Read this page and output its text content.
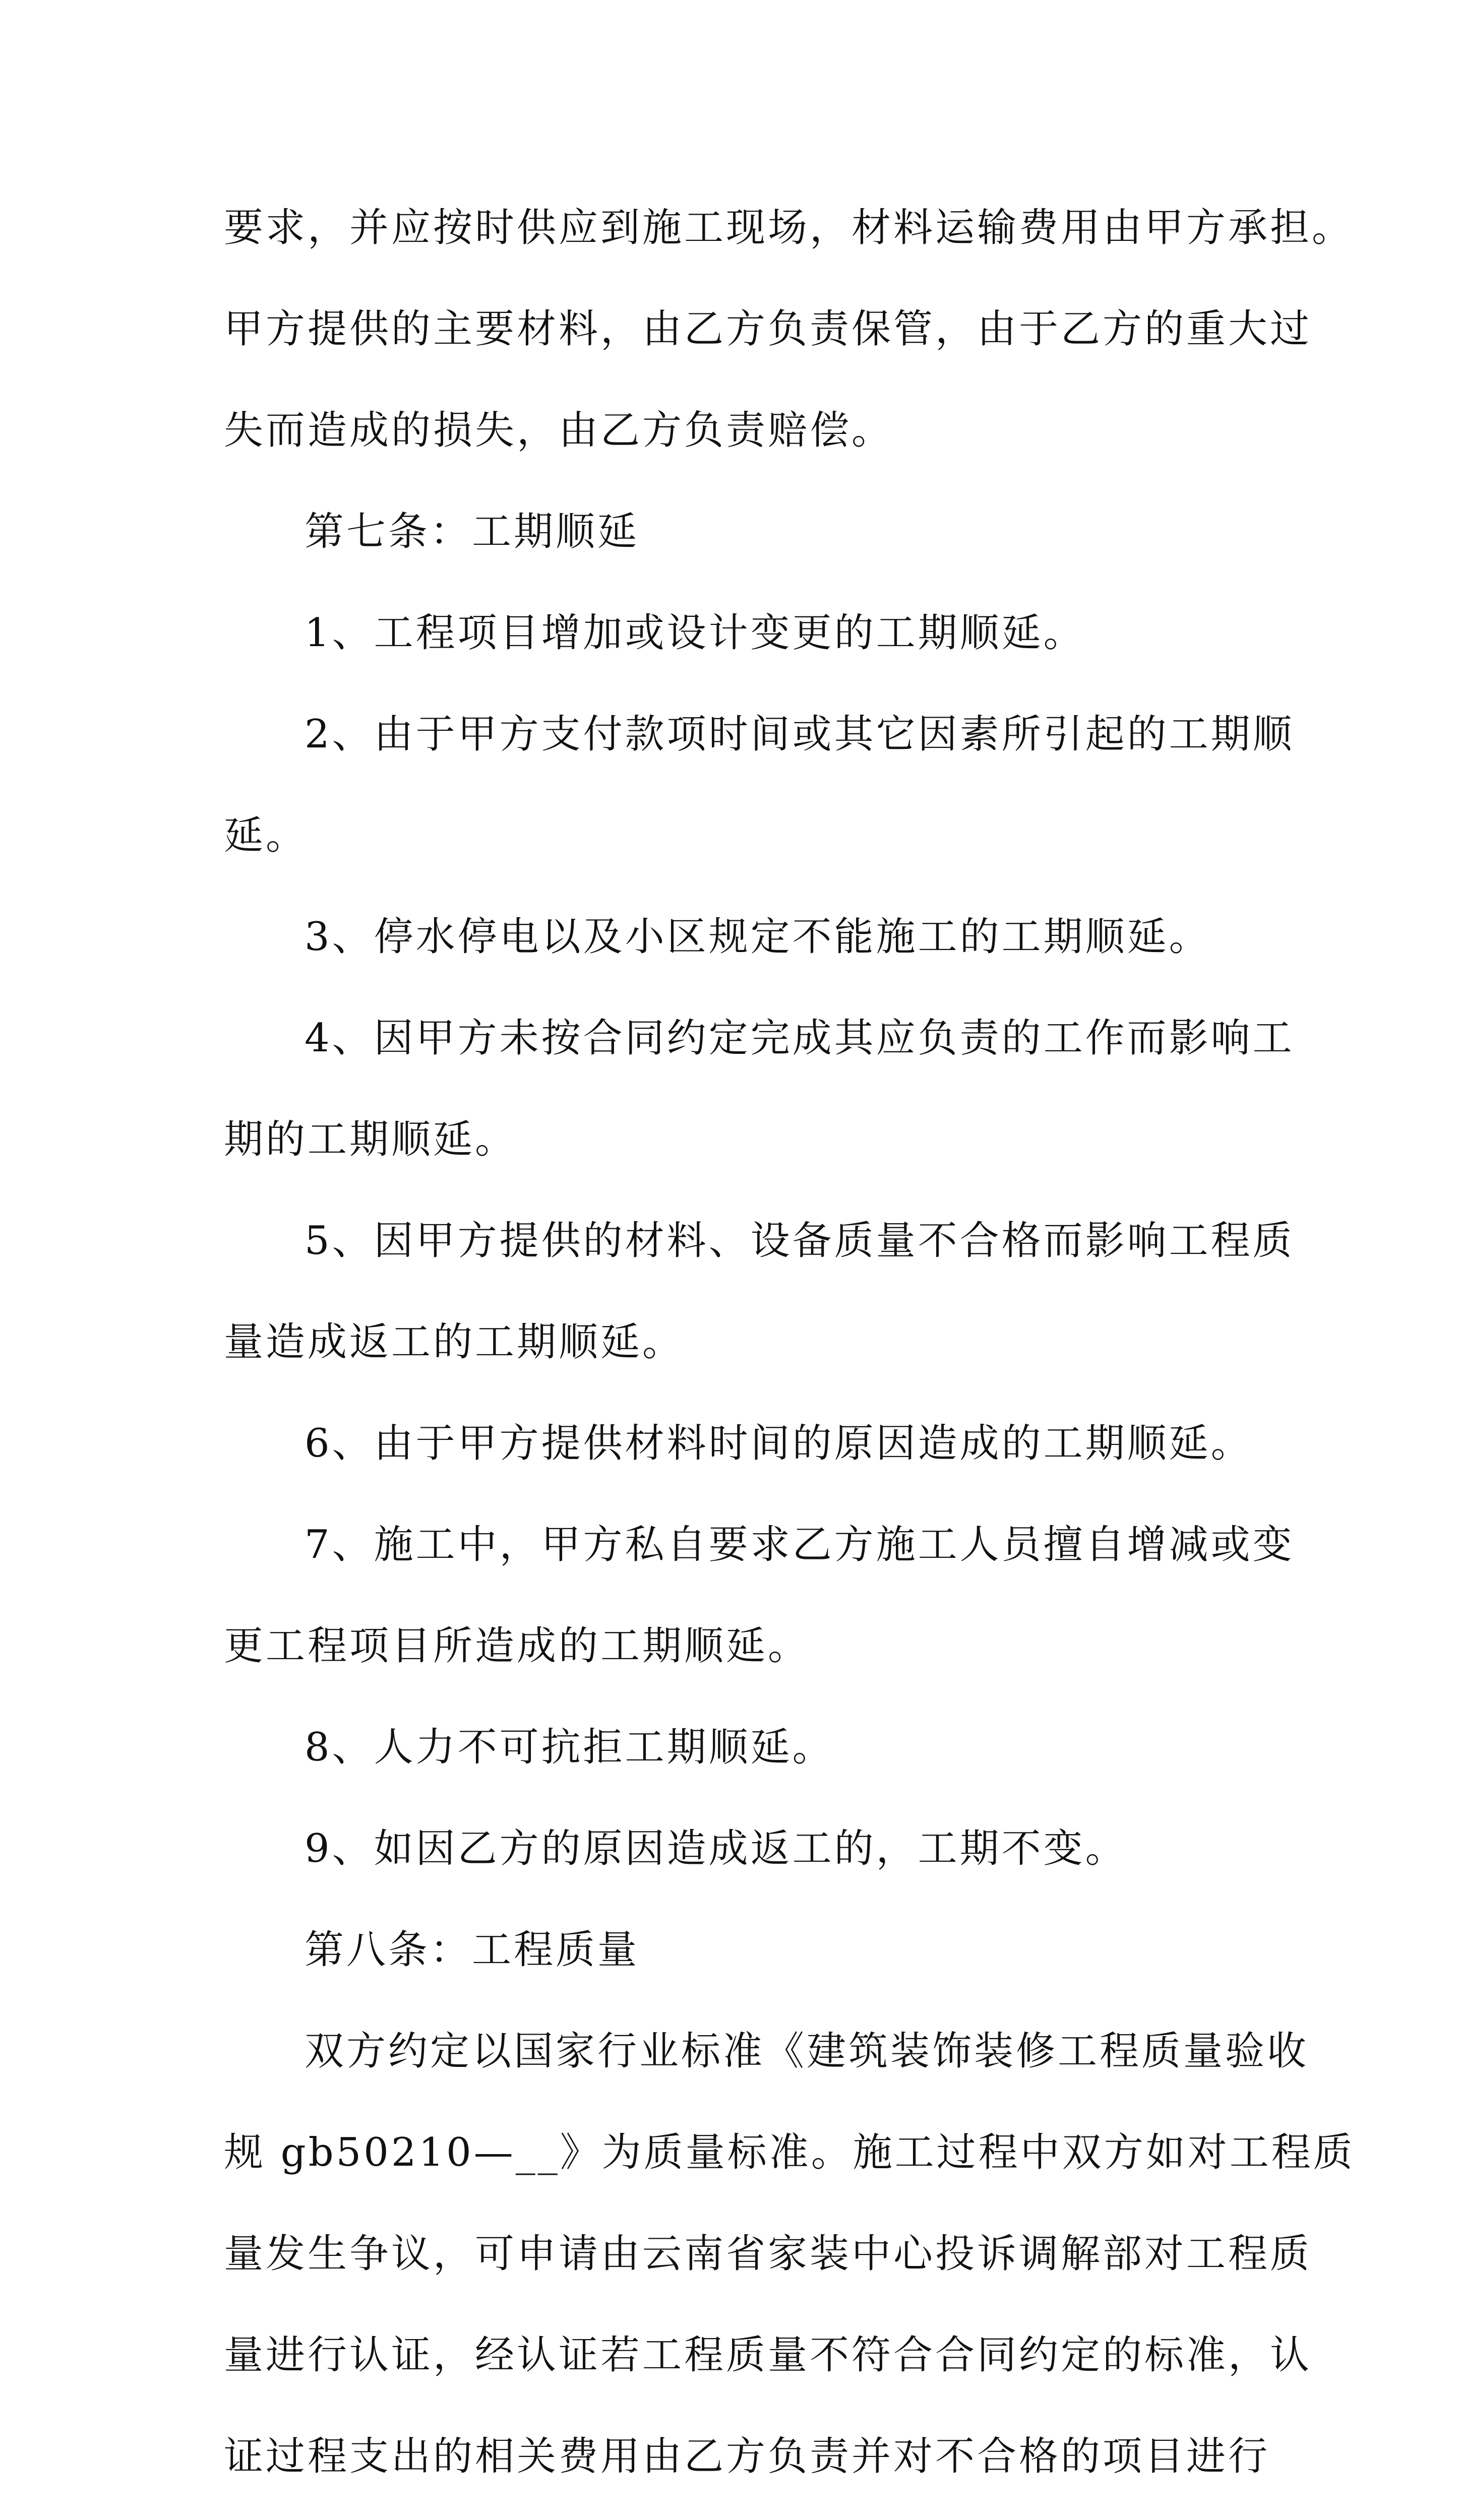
要求，并应按时供应到施工现场，材料运输费用由甲方承担。
甲方提供的主要材料，由乙方负责保管，由于乙方的重大过
失而造成的损失，由乙方负责赔偿。
第七条：工期顺延
1、工程项目增加或设计变更的工期顺延。
2、由于甲方支付款项时间或其它因素所引起的工期顺
延。
3、停水停电以及小区规定不能施工的工期顺延。
4、因甲方未按合同约定完成其应负责的工作而影响工
期的工期顺延。
5、因甲方提供的材料、设备质量不合格而影响工程质
量造成返工的工期顺延。
6、由于甲方提供材料时间的原因造成的工期顺延。
7、施工中，甲方私自要求乙方施工人员擅自增减或变
更工程项目所造成的工期顺延。
8、人力不可抗拒工期顺延。
9、如因乙方的原因造成返工的，工期不变。
第八条：工程质量
双方约定以国家行业标准《建筑装饰装修工程质量验收
规 gb50210—__》为质量标准。施工过程中双方如对工程质
量发生争议，可申请由云南省家装中心投诉调解部对工程质
量进行认证，经认证若工程质量不符合合同约定的标准，认
证过程支出的相关费用由乙方负责并对不合格的项目进行
